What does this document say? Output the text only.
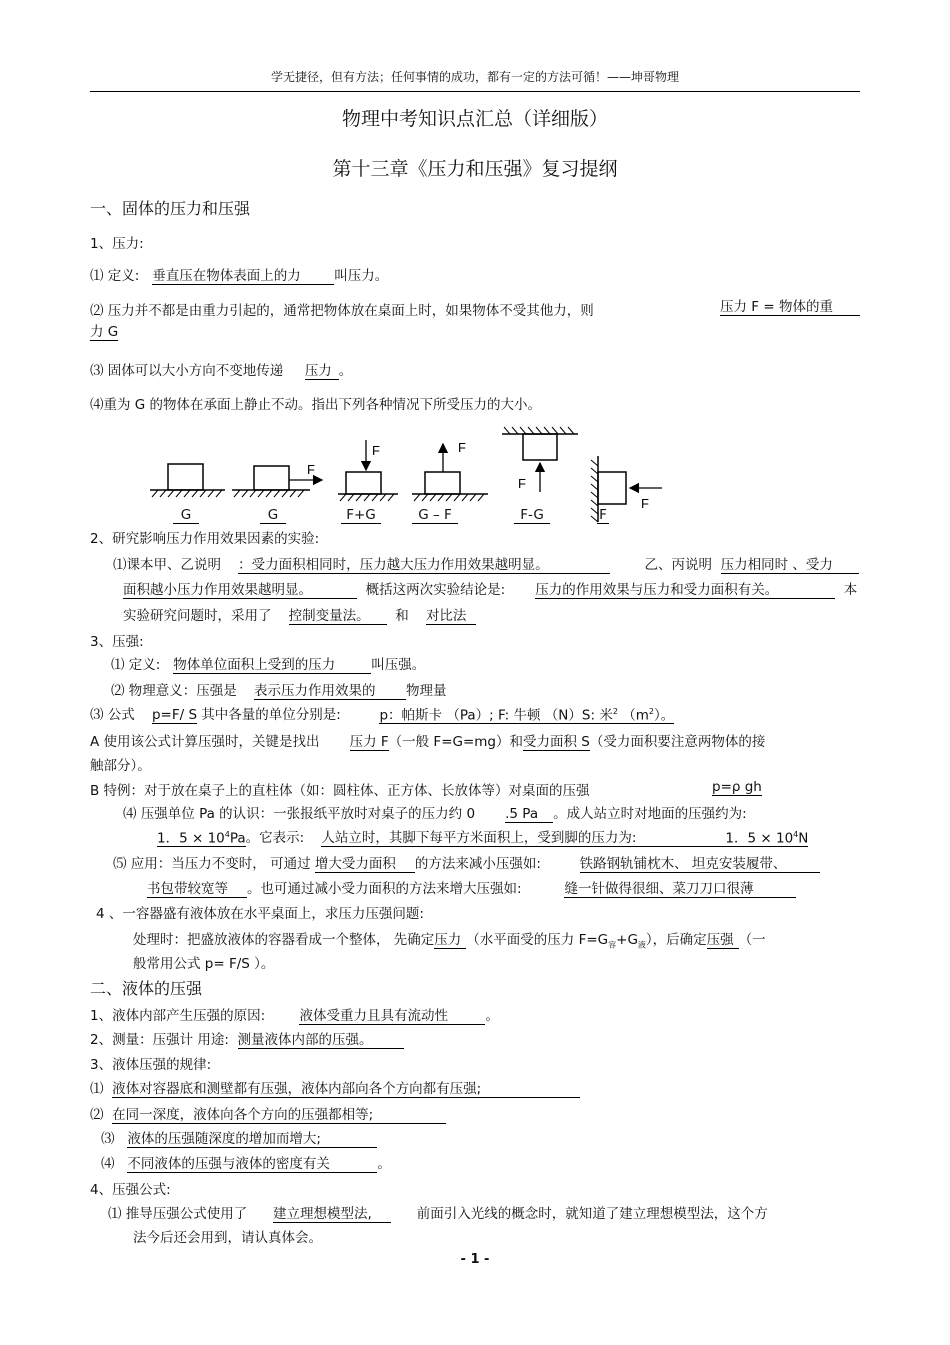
学无捷径，但有方法；任何事情的成功，都有一定的方法可循！——坤哥物理
物理中考知识点汇总（详细版）
第十三章《压力和压强》复习提纲
一、固体的压力和压强
1、压力:
⑴ 定义: 垂直压在物体表面上的力 叫压力。
⑵ 压力并不都是由重力引起的，通常把物体放在桌面上时，如果物体不受其他力，则	压力 F = 物体的重
力 G
⑶ 固体可以大小方向不变地传递 压力 。
⑷重为 G 的物体在承面上静止不动。指出下列各种情况下所受压力的大小。
F
F	F
F
F
G	G	F+G	G – F	F-G	F
2、研究影响压力作用效果因素的实验:
⑴课本甲、乙说明 ：受力面积相同时，压力越大压力作用效果越明显。	乙、丙说明 压力相同时 、受力
面积越小压力作用效果越明显。	概括这两次实验结论是: 压力的作用效果与压力和受力面积有关。	本
实验研究问题时，采用了 控制变量法。 和 对比法
3、压强:
⑴ 定义: 物体单位面积上受到的压力	叫压强。
⑵ 物理意义：压强是 表示压力作用效果的 物理量
⑶ 公式 p=F/ S 其中各量的单位分别是:	p：帕斯卡 （Pa）; F: 牛顿 （N）S: 米$^2$ $(m^2)$。
A 使用该公式计算压强时，关键是找出 压力 F（一般 F=G=mg）和受力面积 S（受力面积要注意两物体的接
触部分）。
B 特例：对于放在桌子上的直柱体（如：圆柱体、正方体、长放体等）对桌面的压强	p=ρ gh
⑷ 压强单位 Pa 的认识：一张报纸平放时对桌子的压力约 0 .5 Pa 。成人站立时对地面的压强约为:
1．$5 \times 10^4Pa$。它表示: 人站立时，其脚下每平方米面积上，受到脚的压力为:	1．$5 \times 10^4N$
⑸ 应用：当压力不变时， 可通过 增大受力面积 的方法来减小压强如:	铁路钢轨铺枕木、 坦克安装履带、
书包带较宽等 。也可通过减小受力面积的方法来增大压强如:	缝一针做得很细、菜刀刀口很薄
4 、一容器盛有液体放在水平桌面上，求压力压强问题:
处理时：把盛放液体的容器看成一个整体， 先确定压力 （水平面受的压力 $F=G_容+G_液$），后确定压强 （一
般常用公式 p= F/S ）。
二、液体的压强
1、液体内部产生压强的原因:	液体受重力且具有流动性	。
2、测量：压强计 用途: 测量液体内部的压强。
3、液体压强的规律:
⑴ 液体对容器底和测壁都有压强，液体内部向各个方向都有压强;
⑵ 在同一深度，液体向各个方向的压强都相等;
⑶ 液体的压强随深度的增加而增大;
⑷ 不同液体的压强与液体的密度有关	。
4、压强公式:
⑴ 推导压强公式使用了 建立理想模型法,	前面引入光线的概念时，就知道了建立理想模型法，这个方
法今后还会用到，请认真体会。
- 1 -
